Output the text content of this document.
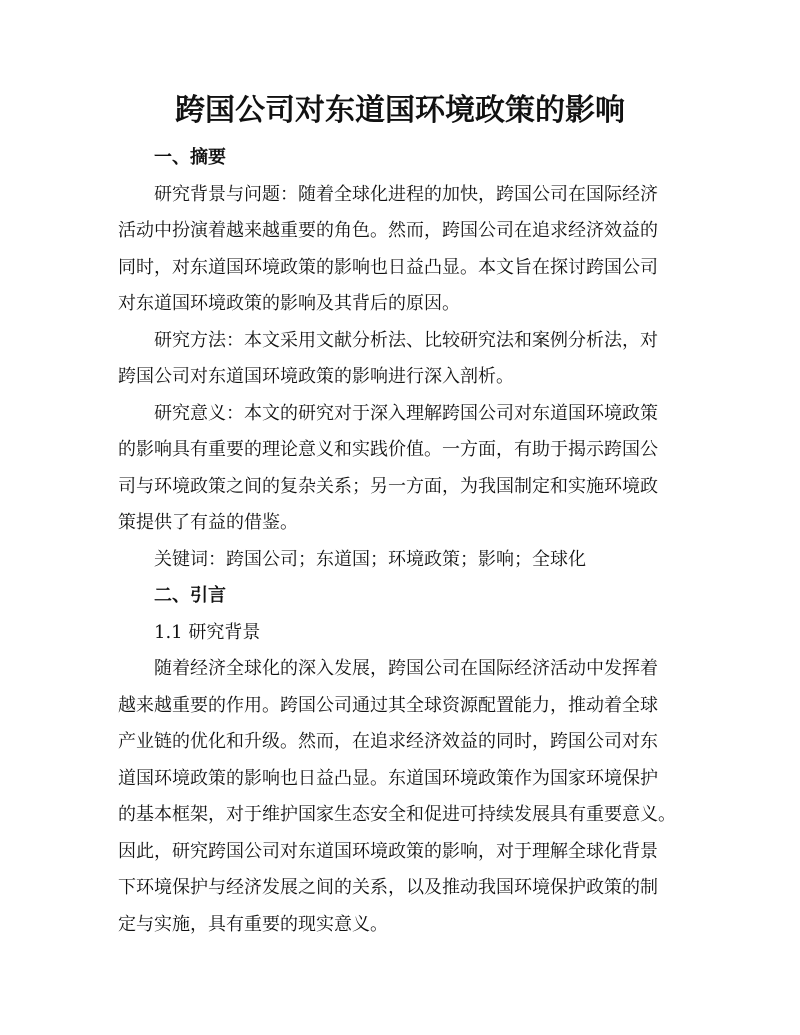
跨国公司对东道国环境政策的影响
一、摘要
研究背景与问题：随着全球化进程的加快，跨国公司在国际经济
活动中扮演着越来越重要的角色。然而，跨国公司在追求经济效益的
同时，对东道国环境政策的影响也日益凸显。本文旨在探讨跨国公司
对东道国环境政策的影响及其背后的原因。
研究方法：本文采用文献分析法、比较研究法和案例分析法，对
跨国公司对东道国环境政策的影响进行深入剖析。
研究意义：本文的研究对于深入理解跨国公司对东道国环境政策
的影响具有重要的理论意义和实践价值。一方面，有助于揭示跨国公
司与环境政策之间的复杂关系；另一方面，为我国制定和实施环境政
策提供了有益的借鉴。
关键词：跨国公司；东道国；环境政策；影响；全球化
二、引言
1.1 研究背景
随着经济全球化的深入发展，跨国公司在国际经济活动中发挥着
越来越重要的作用。跨国公司通过其全球资源配置能力，推动着全球
产业链的优化和升级。然而，在追求经济效益的同时，跨国公司对东
道国环境政策的影响也日益凸显。东道国环境政策作为国家环境保护
的基本框架，对于维护国家生态安全和促进可持续发展具有重要意义。
因此，研究跨国公司对东道国环境政策的影响，对于理解全球化背景
下环境保护与经济发展之间的关系，以及推动我国环境保护政策的制
定与实施，具有重要的现实意义。
